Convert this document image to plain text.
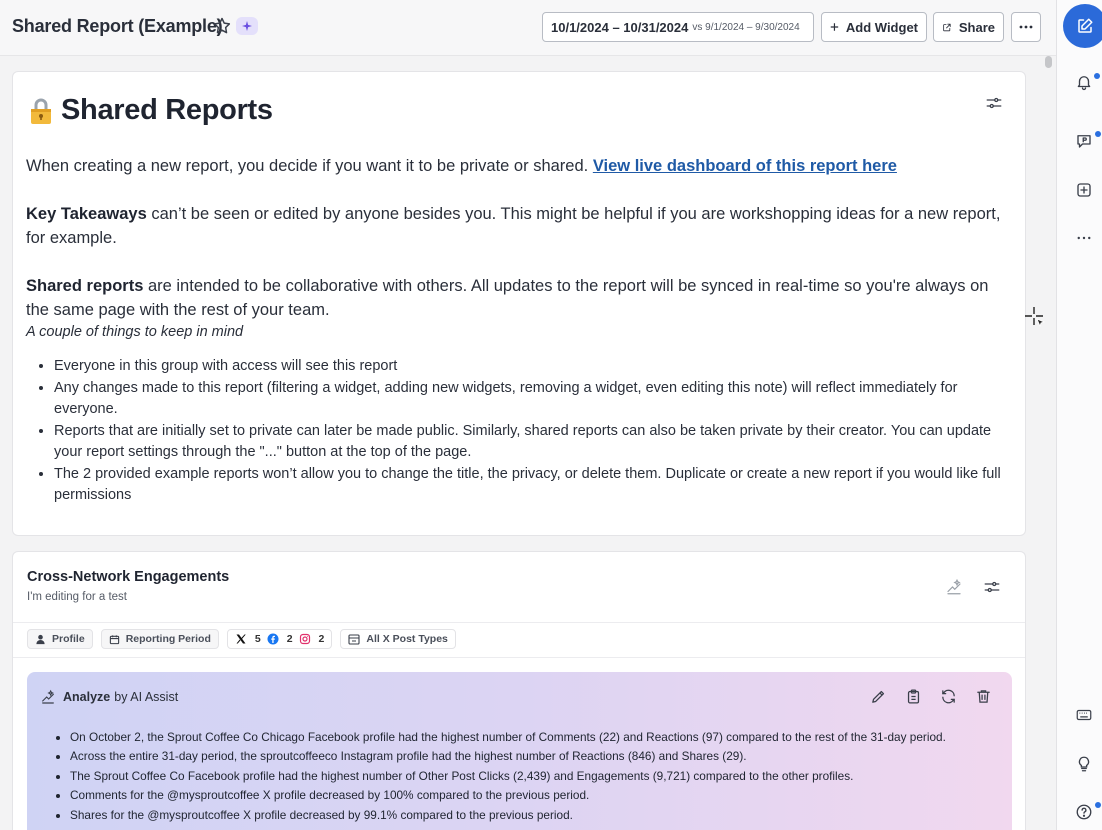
Shared Report (Example)	10/1/2024 – 10/31/2024 vs 9/1/2024 – 9/30/2024	Add Widget	Share
Shared Reports
When creating a new report, you decide if you want it to be private or shared. View live dashboard of this report here
Key Takeaways can’t be seen or edited by anyone besides you. This might be helpful if you are workshopping ideas for a new report, for example.
Shared reports are intended to be collaborative with others. All updates to the report will be synced in real-time so you're always on the same page with the rest of your team.
A couple of things to keep in mind
• Everyone in this group with access will see this report
• Any changes made to this report (filtering a widget, adding new widgets, removing a widget, even editing this note) will reflect immediately for everyone.
• Reports that are initially set to private can later be made public. Similarly, shared reports can also be taken private by their creator. You can update your report settings through the "..." button at the top of the page.
• The 2 provided example reports won’t allow you to change the title, the privacy, or delete them. Duplicate or create a new report if you would like full permissions
Cross-Network Engagements
I'm editing for a test
Profile	Reporting Period	5 2 2	All X Post Types
Analyze by AI Assist
• On October 2, the Sprout Coffee Co Chicago Facebook profile had the highest number of Comments (22) and Reactions (97) compared to the rest of the 31-day period.
• Across the entire 31-day period, the sproutcoffeeco Instagram profile had the highest number of Reactions (846) and Shares (29).
• The Sprout Coffee Co Facebook profile had the highest number of Other Post Clicks (2,439) and Engagements (9,721) compared to the other profiles.
• Comments for the @mysproutcoffee X profile decreased by 100% compared to the previous period.
• Shares for the @mysproutcoffee X profile decreased by 99.1% compared to the previous period.
